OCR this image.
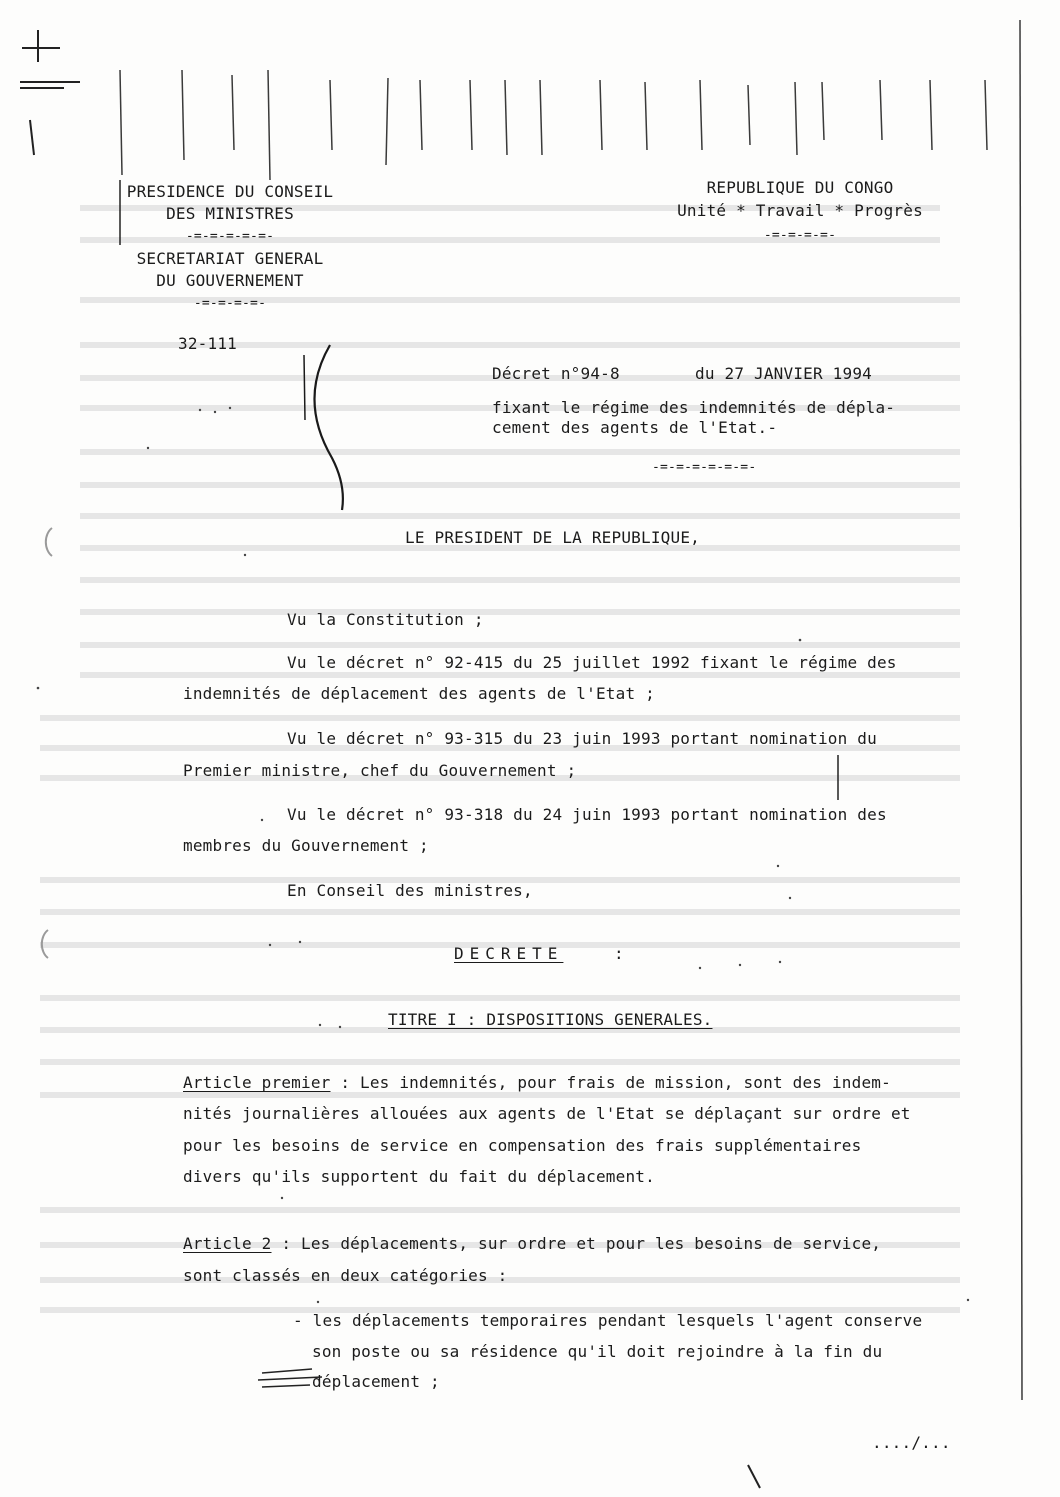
PRESIDENCE DU CONSEIL
DES MINISTRES
-=-=-=-=-=-
SECRETARIAT GENERAL
DU GOUVERNEMENT
-=-=-=-=-
32-111
REPUBLIQUE DU CONGO
Unité * Travail * Progrès
-=-=-=-=-
Décret n°94-8	du 27 JANVIER 1994
fixant le régime des indemnités de dépla-
cement des agents de l'Etat.-
-=-=-=-=-=-=-
LE PRESIDENT DE LA REPUBLIQUE,
Vu la Constitution ;
Vu le décret n° 92-415 du 25 juillet 1992 fixant le régime des
indemnités de déplacement des agents de l'Etat ;
Vu le décret n° 93-315 du 23 juin 1993 portant nomination du
Premier ministre, chef du Gouvernement ;
Vu le décret n° 93-318 du 24 juin 1993 portant nomination des
membres du Gouvernement ;
En Conseil des ministres,
DECRETE	:
TITRE I : DISPOSITIONS GENERALES.
Article premier : Les indemnités, pour frais de mission, sont des indem-
nités journalières allouées aux agents de l'Etat se déplaçant sur ordre et
pour les besoins de service en compensation des frais supplémentaires
divers qu'ils supportent du fait du déplacement.
Article 2 : Les déplacements, sur ordre et pour les besoins de service,
sont classés en deux catégories :
- les déplacements temporaires pendant lesquels l'agent conserve
son poste ou sa résidence qu'il doit rejoindre à la fin du
déplacement ;
..../...
